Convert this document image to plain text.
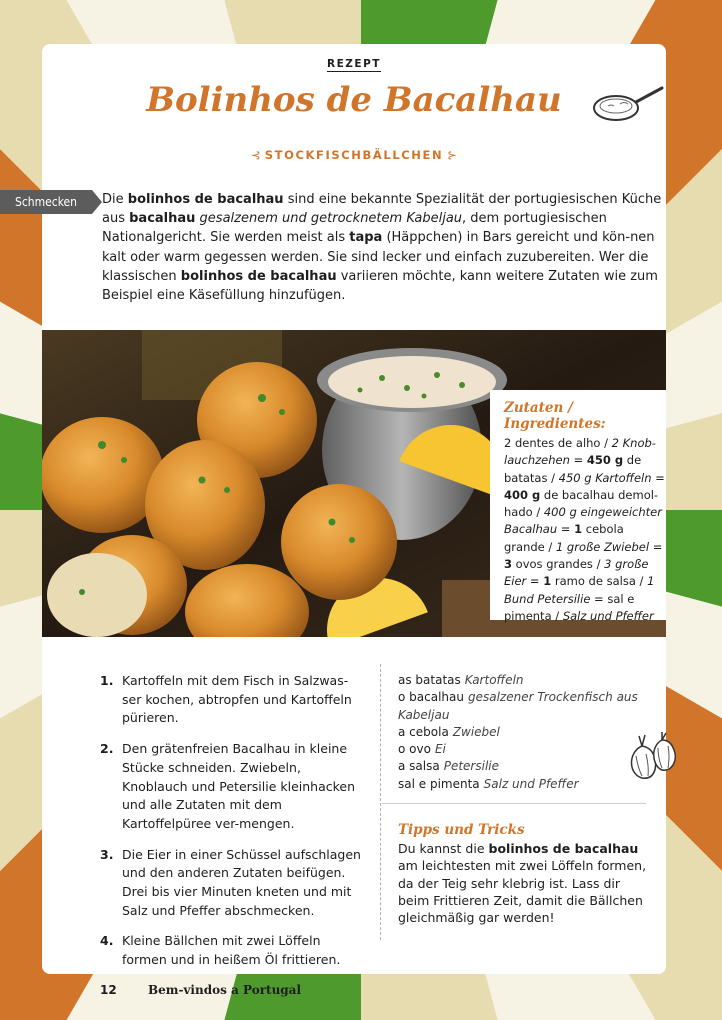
REZEPT
Bolinhos de Bacalhau
⊰ STOCKFISCHBÄLLCHEN ⊱
Schmecken	Die bolinhos de bacalhau sind eine bekannte Spezialität der portugiesischen Küche aus bacalhau gesalzenem und getrocknetem Kabeljau, dem portugiesischen Nationalgericht. Sie werden meist als tapa (Häppchen) in Bars gereicht und kön-nen kalt oder warm gegessen werden. Sie sind lecker und einfach zuzubereiten. Wer die klassischen bolinhos de bacalhau variieren möchte, kann weitere Zutaten wie zum Beispiel eine Käsefüllung hinzufügen.

Zutaten / Ingredientes:
2 dentes de alho / 2 Knob-lauchzehen = 450 g de batatas / 450 g Kartoffeln = 400 g de bacalhau demol-hado / 400 g eingeweichter Bacalhau = 1 cebola grande / 1 große Zwiebel = 3 ovos grandes / 3 große Eier = 1 ramo de salsa / 1 Bund Petersilie = sal e pimenta / Salz und Pfeffer
1. Kartoffeln mit dem Fisch in Salzwas-ser kochen, abtropfen und Kartoffeln pürieren.
2. Den grätenfreien Bacalhau in kleine Stücke schneiden. Zwiebeln, Knoblauch und Petersilie kleinhacken und alle Zutaten mit dem Kartoffelpüree ver-mengen.
3. Die Eier in einer Schüssel aufschlagen und den anderen Zutaten beifügen. Drei bis vier Minuten kneten und mit Salz und Pfeffer abschmecken.
4. Kleine Bällchen mit zwei Löffeln formen und in heißem Öl frittieren.
as batatas Kartoffeln
o bacalhau gesalzener Trockenfisch aus Kabeljau
a cebola Zwiebel
o ovo Ei
a salsa Petersilie
sal e pimenta Salz und Pfeffer
Tipps und Tricks

Du kannst die bolinhos de bacalhau am leichtesten mit zwei Löffeln formen, da der Teig sehr klebrig ist. Lass dir beim Frittieren Zeit, damit die Bällchen gleichmäßig gar werden!

12	Bem-vindos a Portugal
